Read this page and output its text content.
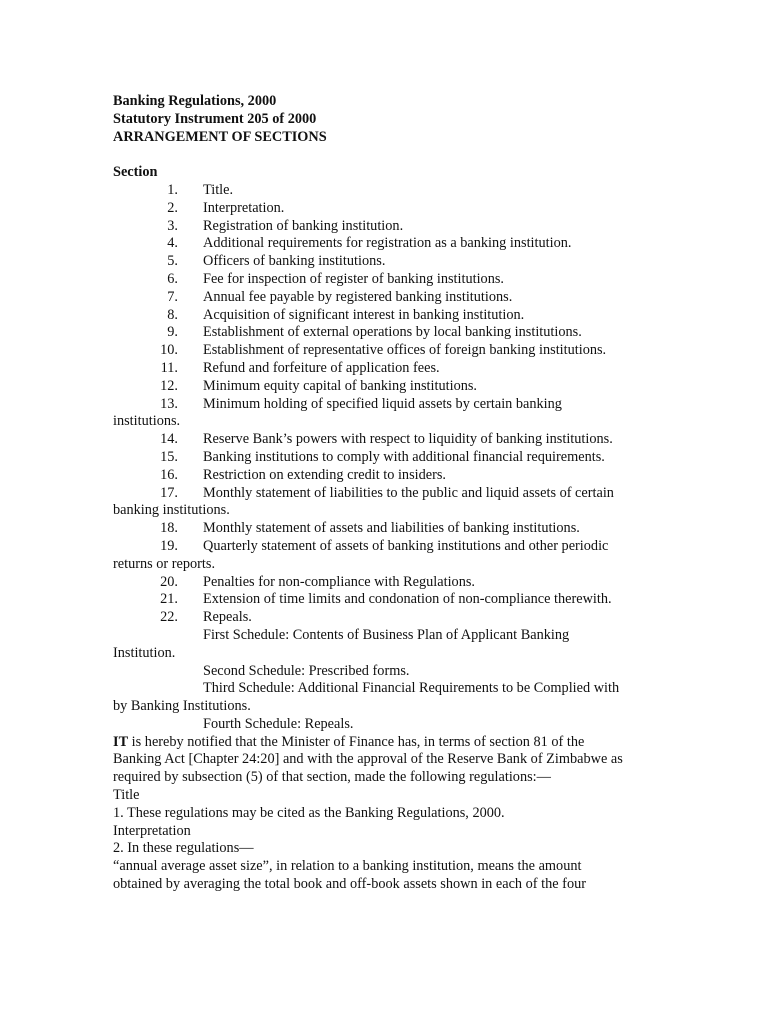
Banking Regulations, 2000
Statutory Instrument 205 of 2000
ARRANGEMENT OF SECTIONS
Section
1. Title.
2. Interpretation.
3. Registration of banking institution.
4. Additional requirements for registration as a banking institution.
5. Officers of banking institutions.
6. Fee for inspection of register of banking institutions.
7. Annual fee payable by registered banking institutions.
8. Acquisition of significant interest in banking institution.
9. Establishment of external operations by local banking institutions.
10. Establishment of representative offices of foreign banking institutions.
11. Refund and forfeiture of application fees.
12. Minimum equity capital of banking institutions.
13. Minimum holding of specified liquid assets by certain banking
institutions.
14. Reserve Bank’s powers with respect to liquidity of banking institutions.
15. Banking institutions to comply with additional financial requirements.
16. Restriction on extending credit to insiders.
17. Monthly statement of liabilities to the public and liquid assets of certain
banking institutions.
18. Monthly statement of assets and liabilities of banking institutions.
19. Quarterly statement of assets of banking institutions and other periodic
returns or reports.
20. Penalties for non-compliance with Regulations.
21. Extension of time limits and condonation of non-compliance therewith.
22. Repeals.
First Schedule: Contents of Business Plan of Applicant Banking
Institution.
Second Schedule: Prescribed forms.
Third Schedule: Additional Financial Requirements to be Complied with
by Banking Institutions.
Fourth Schedule: Repeals.
IT is hereby notified that the Minister of Finance has, in terms of section 81 of the
Banking Act [Chapter 24:20] and with the approval of the Reserve Bank of Zimbabwe as
required by subsection (5) of that section, made the following regulations:—
Title
1. These regulations may be cited as the Banking Regulations, 2000.
Interpretation
2. In these regulations—
“annual average asset size”, in relation to a banking institution, means the amount
obtained by averaging the total book and off-book assets shown in each of the four
